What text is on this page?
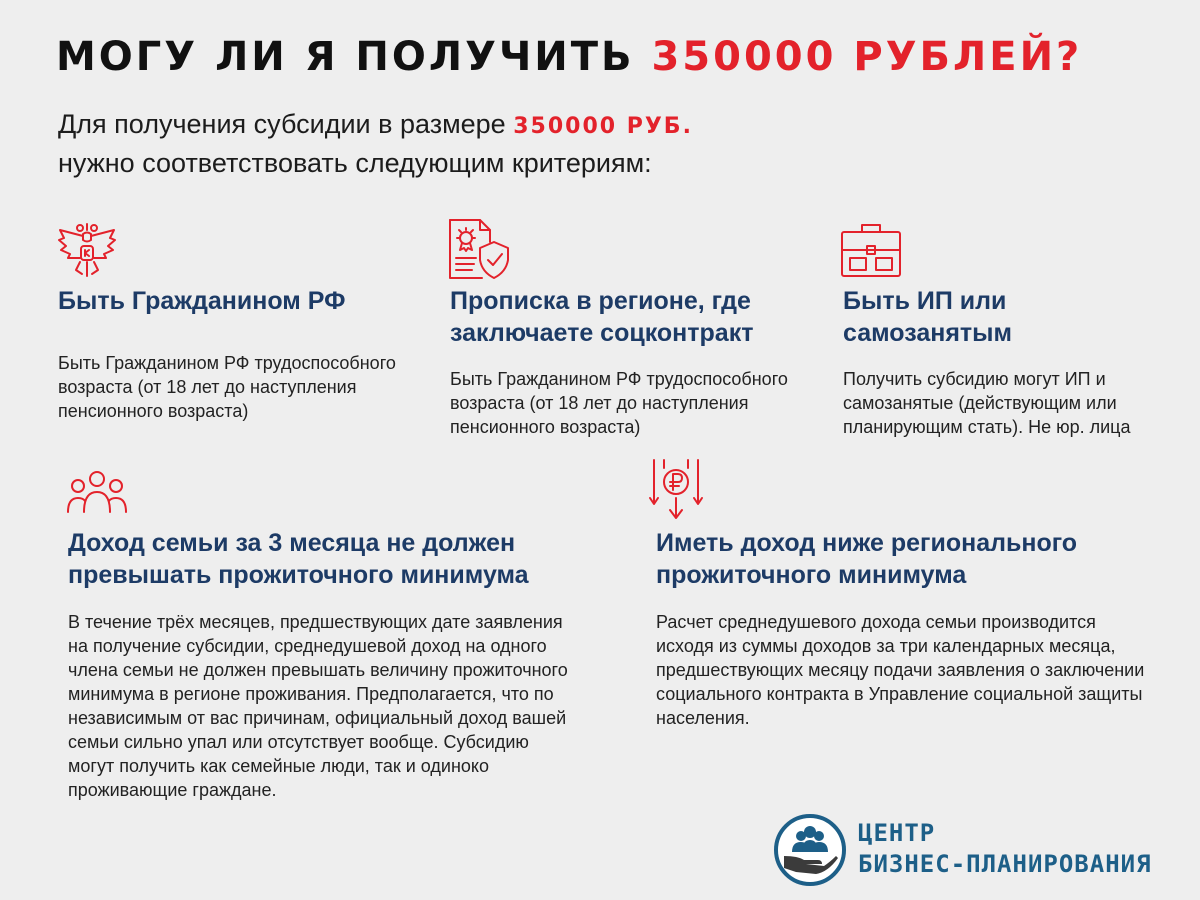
МОГУ ЛИ Я ПОЛУЧИТЬ 350000 РУБЛЕЙ?
Для получения субсидии в размере 350000 РУБ.
нужно соответствовать следующим критериям:
Быть Гражданином РФ
Быть Гражданином РФ трудоспособного возраста (от 18 лет до наступления пенсионного возраста)
Прописка в регионе, где заключаете соцконтракт
Быть Гражданином РФ трудоспособного возраста (от 18 лет до наступления пенсионного возраста)
Быть ИП или самозанятым
Получить субсидию могут ИП и самозанятые (действующим или планирующим стать). Не юр. лица
Доход семьи за 3 месяца не должен превышать прожиточного минимума
В течение трёх месяцев, предшествующих дате заявления на получение субсидии, среднедушевой доход на одного члена семьи не должен превышать величину прожиточного минимума в регионе проживания. Предполагается, что по независимым от вас причинам, официальный доход вашей семьи сильно упал или отсутствует вообще. Субсидию могут получить как семейные люди, так и одиноко проживающие граждане.
Иметь доход ниже регионального прожиточного минимума
Расчет среднедушевого дохода семьи производится исходя из суммы доходов за три календарных месяца, предшествующих месяцу подачи заявления о заключении социального контракта в Управление социальной защиты населения.
ЦЕНТР
БИЗНЕС-ПЛАНИРОВАНИЯ
